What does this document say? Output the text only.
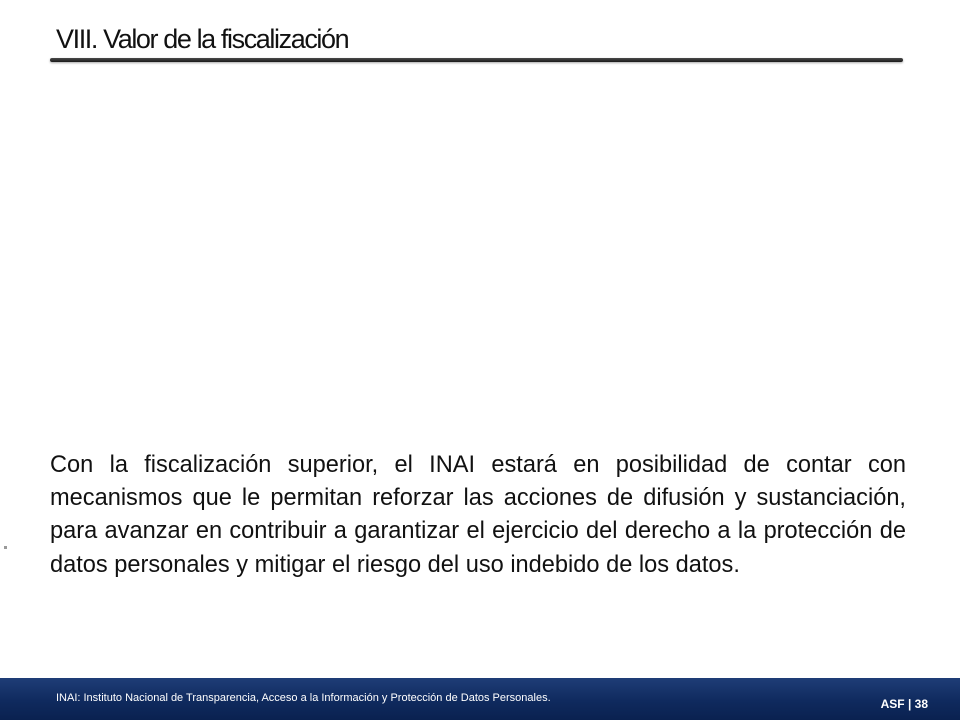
VIII. Valor de la fiscalización
Con la fiscalización superior, el INAI estará en posibilidad de contar con mecanismos que le permitan reforzar las acciones de difusión y sustanciación, para avanzar en contribuir a garantizar el ejercicio del derecho a la protección de datos personales y mitigar el riesgo del uso indebido de los datos.
INAI: Instituto Nacional de Transparencia, Acceso a la Información y Protección de Datos Personales.	ASF | 38
